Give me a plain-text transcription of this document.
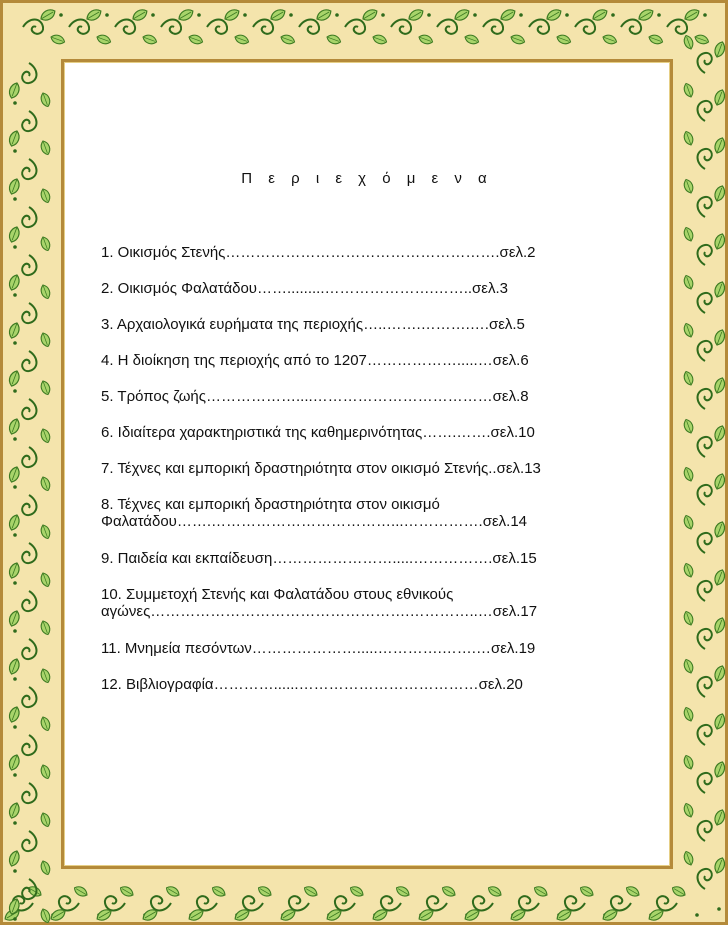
Π ε ρ ι ε χ ό μ ε ν α
1. Οικισμός Στενής……………………………………………….σελ.2
2. Οικισμός Φαλατάδου…….........………………….……..σελ.3
3. Αρχαιολογικά ευρήματα της περιοχής…..…….……….….σελ.5
4. Η διοίκηση της περιοχής από το 1207……………….....…σελ.6
5. Τρόπος ζωής………………....………………………………σελ.8
6. Ιδιαίτερα χαρακτηριστικά της καθημερινότητας…….…….σελ.10
7. Τέχνες και εμπορική δραστηριότητα στον οικισμό Στενής..σελ.13
8. Τέχνες και εμπορική δραστηριότητα στον οικισμό Φαλατάδου…….………………………………...…………….σελ.14
9. Παιδεία και εκπαίδευση…………………….....…………….σελ.15
10. Συμμετοχή Στενής και Φαλατάδου στους εθνικούς αγώνες…………………………………………….…………..…σελ.17
11. Μνημεία πεσόντων………………….....………….…….…σελ.19
12. Βιβλιογραφία…………......………………………………σελ.20
